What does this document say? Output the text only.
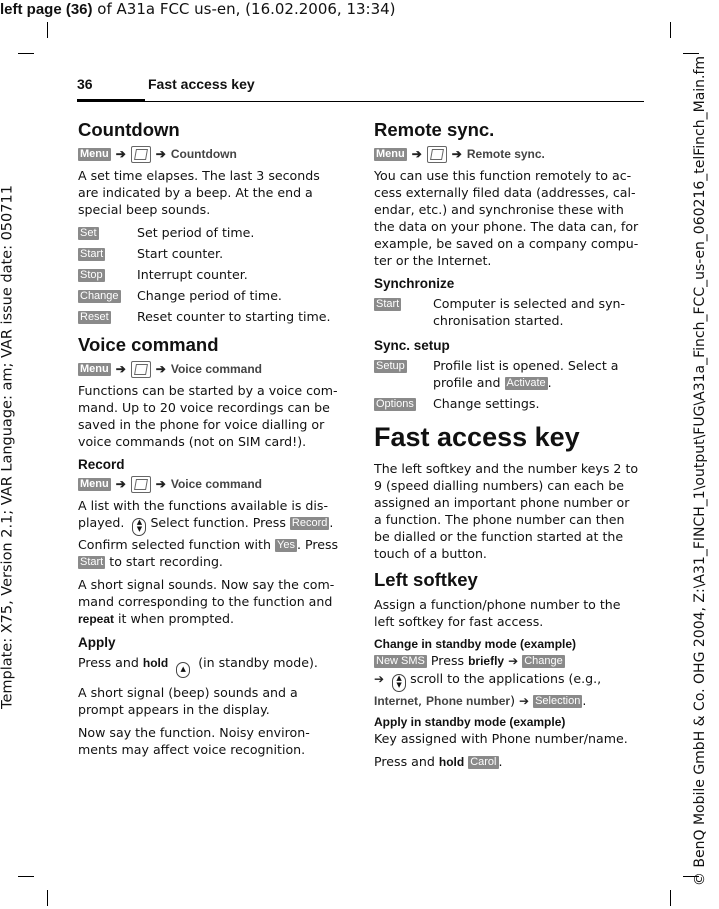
left page (36) of A31a FCC us-en, (16.02.2006, 13:34)
Template: X75, Version 2.1; VAR Language: am; VAR issue date: 050711	© BenQ Mobile GmbH & Co. OHG 2004, Z:\A31_FINCH_1\output\FUG\A31a_Finch_FCC_us-en_060216_telFinch_Main.fm
36	Fast access key
Countdown
Menu ➔	➔ Countdown

A set time elapses. The last 3 seconds are indicated by a beep. At the end a special beep sounds.

Set	Set period of time.
Start	Start counter.
Stop	Interrupt counter.
Change	Change period of time.
Reset	Reset counter to starting time.
Voice command
Menu ➔	➔ Voice command

Functions can be started by a voice com-mand. Up to 20 voice recordings can be saved in the phone for voice dialling or voice commands (not on SIM card!).

Record
Menu ➔	➔ Voice command

A list with the functions available is dis-played. ▲
▼ Select function. Press Record . Confirm selected function with Yes . Press Start to start recording.

A short signal sounds. Now say the com-mand corresponding to the function and repeat it when prompted.

Apply

Press and hold ▲ (in standby mode).

A short signal (beep) sounds and a prompt appears in the display.

Now say the function. Noisy environ-ments may affect voice recognition.

Remote sync.
Menu ➔	➔ Remote sync.

You can use this function remotely to ac-cess externally filed data (addresses, cal-endar, etc.) and synchronise these with the data on your phone. The data can, for example, be saved on a company compu-ter or the Internet.

Synchronize
Start	Computer is selected and syn-chronisation started.
Sync. setup
Setup	Profile list is opened. Select a profile and Activate .
Options	Change settings.
Fast access key

The left softkey and the number keys 2 to 9 (speed dialling numbers) can each be assigned an important phone number or a function. The phone number can then be dialled or the function started at the touch of a button.

Left softkey

Assign a function/phone number to the left softkey for fast access.

Change in standby mode (example)

New SMS Press briefly ➔ Change
➔ ▲
▼ scroll to the applications (e.g.,
Internet, Phone number) ➔ Selection .

Apply in standby mode (example)

Key assigned with Phone number/name.

Press and hold Carol .
